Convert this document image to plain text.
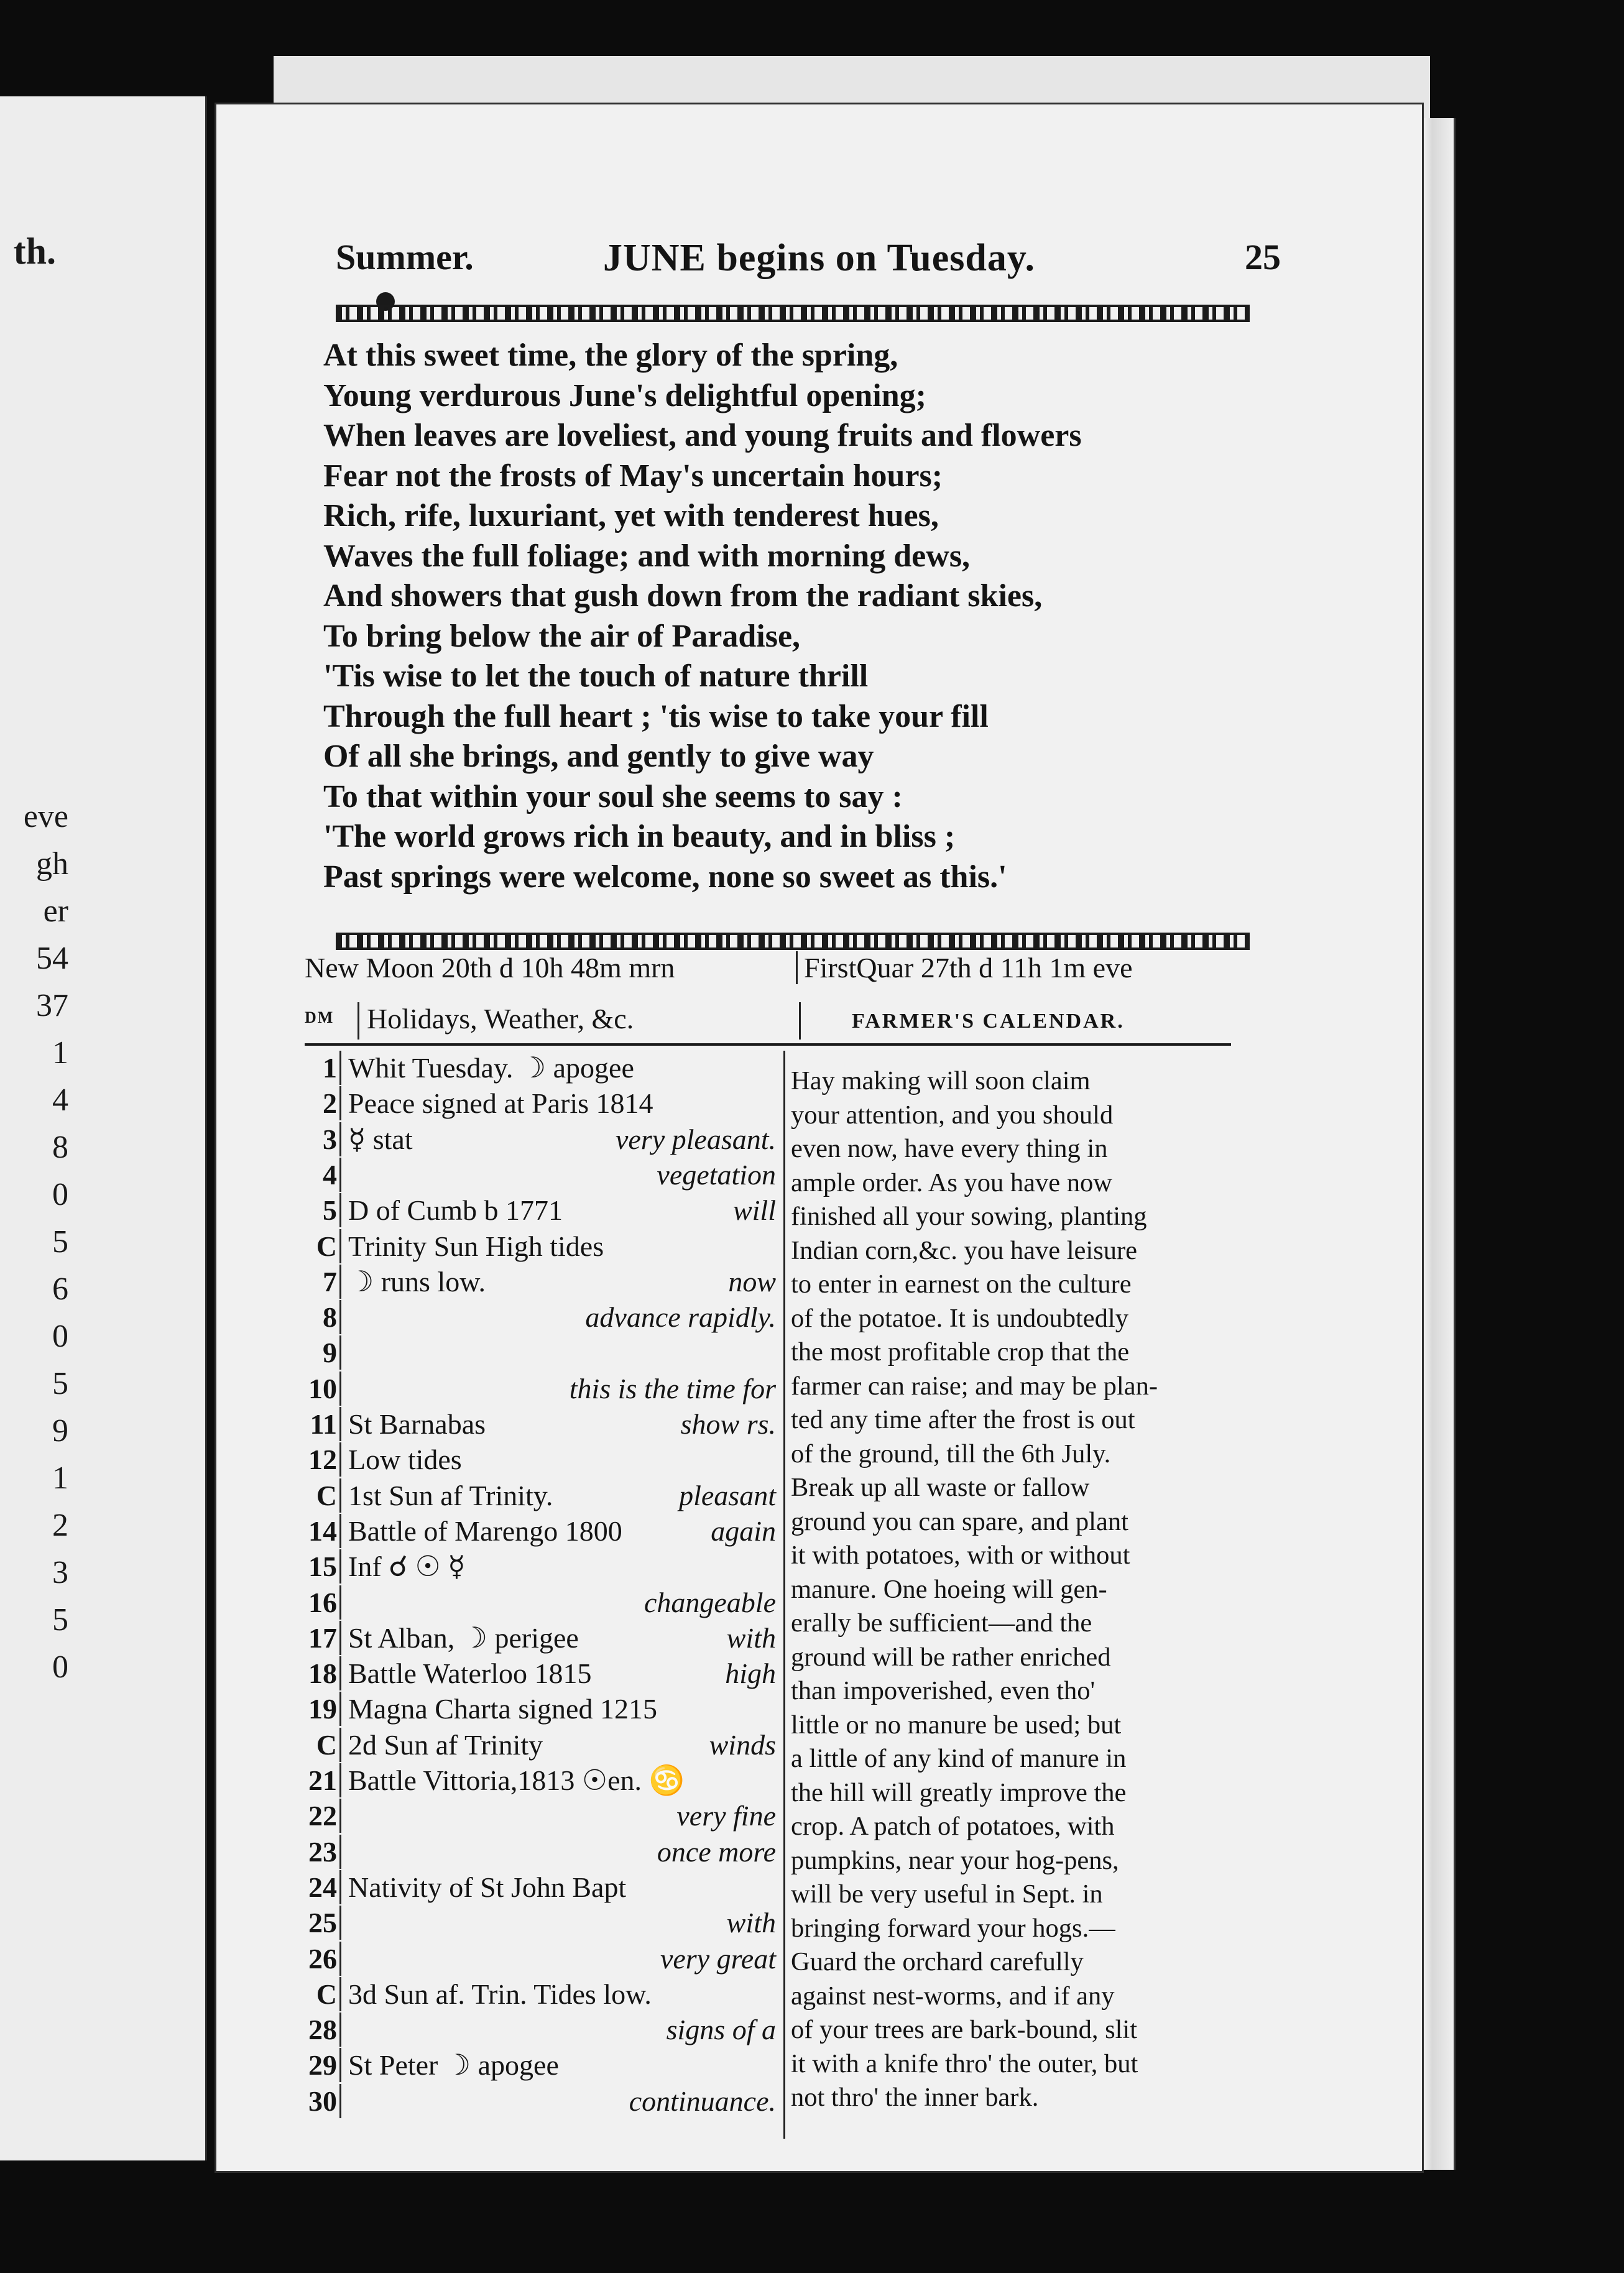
th.
eve
gh
er
54
37
1
4
8
0
5
6
0
5
9
1
2
3
5
0
Summer.	JUNE begins on Tuesday.	25
At this sweet time, the glory of the spring,
Young verdurous June's delightful opening;
When leaves are loveliest, and young fruits and flowers
Fear not the frosts of May's uncertain hours;
Rich, rife, luxuriant, yet with tenderest hues,
Waves the full foliage; and with morning dews,
And showers that gush down from the radiant skies,
To bring below the air of Paradise,
'Tis wise to let the touch of nature thrill
Through the full heart ; 'tis wise to take your fill
Of all she brings, and gently to give way
To that within your soul she seems to say :
'The world grows rich in beauty, and in bliss ;
Past springs were welcome, none so sweet as this.'
New Moon 20th d 10h 48m mrn	FirstQuar 27th d 11h 1m eve
DM Holidays, Weather, &c.	FARMER'S CALENDAR.
1 Whit Tuesday. ☽ apogee
2 Peace signed at Paris 1814
3 ☿ stat	very pleasant.
4	vegetation
5 D of Cumb b 1771	will
C Trinity Sun High tides
7 ☽ runs low.	now
8	advance rapidly.
9
10	this is the time for
11 St Barnabas	show rs.
12 Low tides
C 1st Sun af Trinity.	pleasant
14 Battle of Marengo 1800	again
15 Inf ☌ ☉ ☿
16	changeable
17 St Alban, ☽ perigee	with
18 Battle Waterloo 1815	high
19 Magna Charta signed 1215
C 2d Sun af Trinity	winds
21 Battle Vittoria,1813 ☉en. ♋
22	very fine
23	once more
24 Nativity of St John Bapt
25	with
26	very great
C 3d Sun af. Trin. Tides low.
28	signs of a
29 St Peter ☽ apogee
30	continuance.
Hay making will soon claim
your attention, and you should
even now, have every thing in
ample order. As you have now
finished all your sowing, planting
Indian corn,&c. you have leisure
to enter in earnest on the culture
of the potatoe. It is undoubtedly
the most profitable crop that the
farmer can raise; and may be plan-
ted any time after the frost is out
of the ground, till the 6th July.
Break up all waste or fallow
ground you can spare, and plant
it with potatoes, with or without
manure. One hoeing will gen-
erally be sufficient—and the
ground will be rather enriched
than impoverished, even tho'
little or no manure be used; but
a little of any kind of manure in
the hill will greatly improve the
crop. A patch of potatoes, with
pumpkins, near your hog-pens,
will be very useful in Sept. in
bringing forward your hogs.—
Guard the orchard carefully
against nest-worms, and if any
of your trees are bark-bound, slit
it with a knife thro' the outer, but
not thro' the inner bark.
